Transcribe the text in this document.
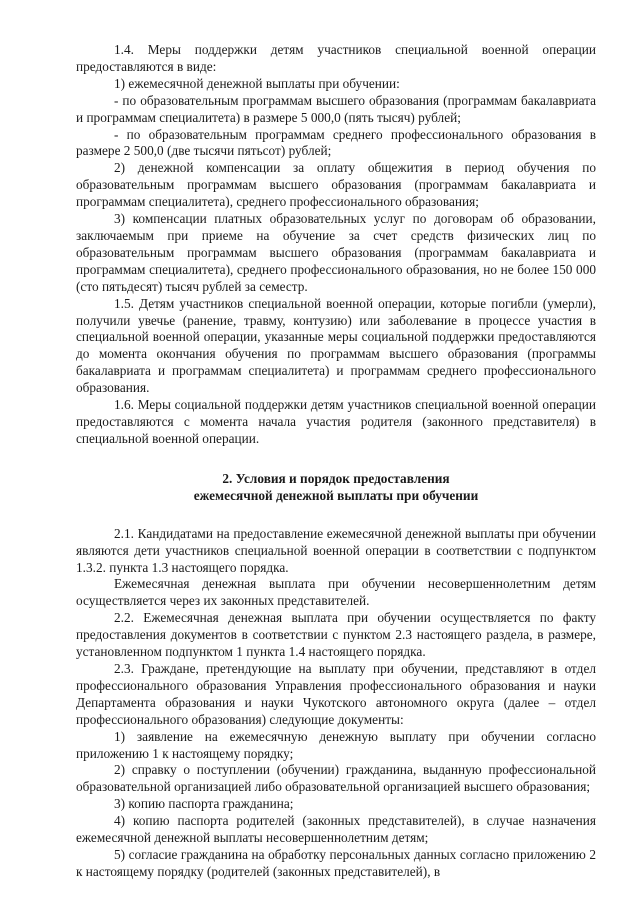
1.4. Меры поддержки детям участников специальной военной операции предоставляются в виде:

1) ежемесячной денежной выплаты при обучении:

- по образовательным программам высшего образования (программам бакалавриата и программам специалитета) в размере 5 000,0 (пять тысяч) рублей;

- по образовательным программам среднего профессионального образования в размере 2 500,0 (две тысячи пятьсот) рублей;

2) денежной компенсации за оплату общежития в период обучения по образовательным программам высшего образования (программам бакалавриата и программам специалитета), среднего профессионального образования;

3) компенсации платных образовательных услуг по договорам об образовании, заключаемым при приеме на обучение за счет средств физических лиц по образовательным программам высшего образования (программам бакалавриата и программам специалитета), среднего профессионального образования, но не более 150 000 (сто пятьдесят) тысяч рублей за семестр.

1.5. Детям участников специальной военной операции, которые погибли (умерли), получили увечье (ранение, травму, контузию) или заболевание в процессе участия в специальной военной операции, указанные меры социальной поддержки предоставляются до момента окончания обучения по программам высшего образования (программы бакалавриата и программам специалитета) и программам среднего профессионального образования.

1.6. Меры социальной поддержки детям участников специальной военной операции предоставляются с момента начала участия родителя (законного представителя) в специальной военной операции.

2. Условия и порядок предоставления

ежемесячной денежной выплаты при обучении

2.1. Кандидатами на предоставление ежемесячной денежной выплаты при обучении являются дети участников специальной военной операции в соответствии с подпунктом 1.3.2. пункта 1.3 настоящего порядка.

Ежемесячная денежная выплата при обучении несовершеннолетним детям осуществляется через их законных представителей.

2.2. Ежемесячная денежная выплата при обучении осуществляется по факту предоставления документов в соответствии с пунктом 2.3 настоящего раздела, в размере, установленном подпунктом 1 пункта 1.4 настоящего порядка.

2.3. Граждане, претендующие на выплату при обучении, представляют в отдел профессионального образования Управления профессионального образования и науки Департамента образования и науки Чукотского автономного округа (далее – отдел профессионального образования) следующие документы:

1) заявление на ежемесячную денежную выплату при обучении согласно приложению 1 к настоящему порядку;

2) справку о поступлении (обучении) гражданина, выданную профессиональной образовательной организацией либо образовательной организацией высшего образования;

3) копию паспорта гражданина;

4) копию паспорта родителей (законных представителей), в случае назначения ежемесячной денежной выплаты несовершеннолетним детям;

5) согласие гражданина на обработку персональных данных согласно приложению 2 к настоящему порядку (родителей (законных представителей), в
